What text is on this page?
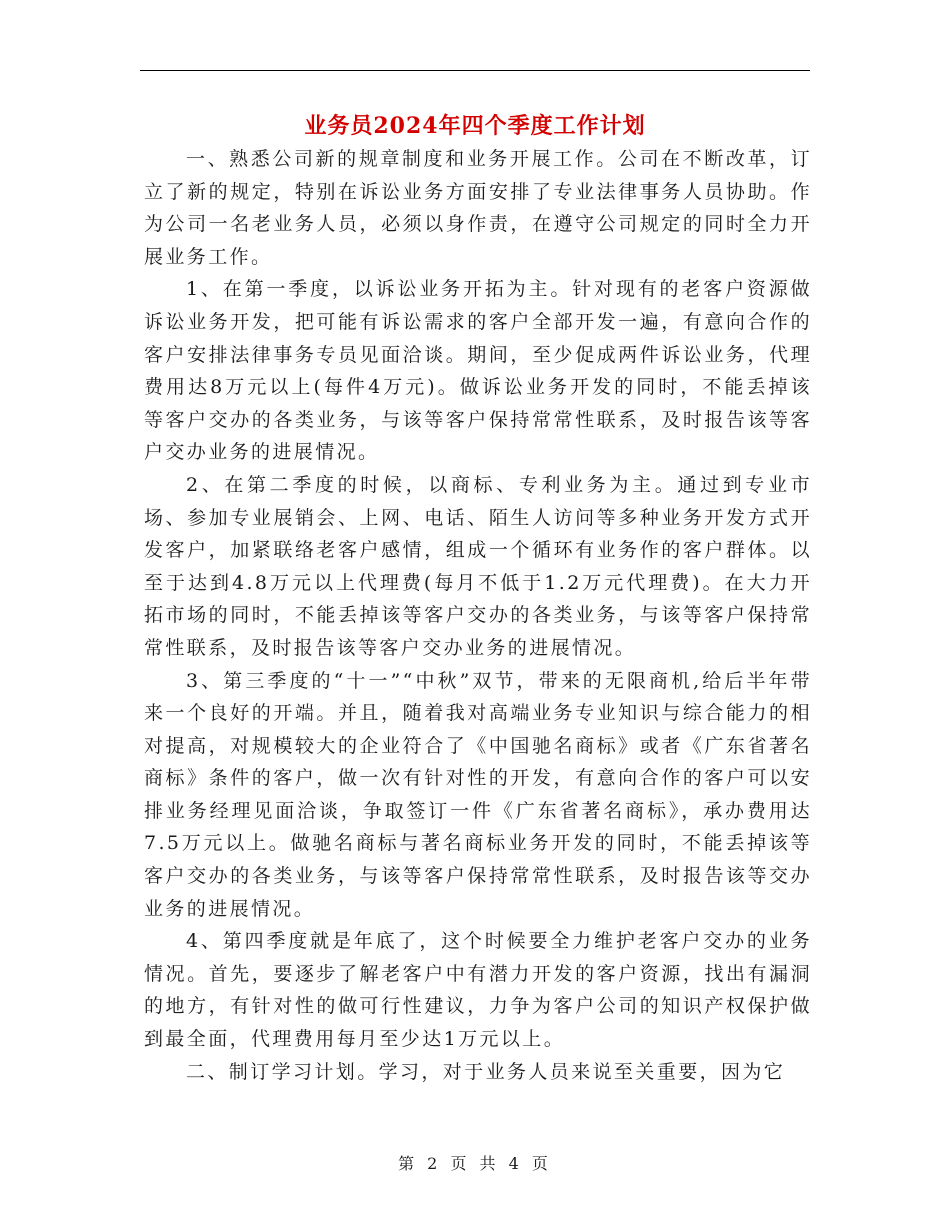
业务员2024年四个季度工作计划

一、熟悉公司新的规章制度和业务开展工作。公司在不断改革，订立了新的规定，特别在诉讼业务方面安排了专业法律事务人员协助。作为公司一名老业务人员，必须以身作责，在遵守公司规定的同时全力开展业务工作。

1、在第一季度，以诉讼业务开拓为主。针对现有的老客户资源做诉讼业务开发，把可能有诉讼需求的客户全部开发一遍，有意向合作的客户安排法律事务专员见面洽谈。期间，至少促成两件诉讼业务，代理费用达8万元以上(每件4万元)。做诉讼业务开发的同时，不能丢掉该等客户交办的各类业务，与该等客户保持常常性联系，及时报告该等客户交办业务的进展情况。

2、在第二季度的时候，以商标、专利业务为主。通过到专业市场、参加专业展销会、上网、电话、陌生人访问等多种业务开发方式开发客户，加紧联络老客户感情，组成一个循环有业务作的客户群体。以至于达到4.8万元以上代理费(每月不低于1.2万元代理费)。在大力开拓市场的同时，不能丢掉该等客户交办的各类业务，与该等客户保持常常性联系，及时报告该等客户交办业务的进展情况。

3、第三季度的“十一”“中秋”双节，带来的无限商机,给后半年带来一个良好的开端。并且，随着我对高端业务专业知识与综合能力的相对提高，对规模较大的企业符合了《中国驰名商标》或者《广东省著名商标》条件的客户，做一次有针对性的开发，有意向合作的客户可以安排业务经理见面洽谈，争取签订一件《广东省著名商标》，承办费用达7.5万元以上。做驰名商标与著名商标业务开发的同时，不能丢掉该等客户交办的各类业务，与该等客户保持常常性联系，及时报告该等交办业务的进展情况。

4、第四季度就是年底了，这个时候要全力维护老客户交办的业务情况。首先，要逐步了解老客户中有潜力开发的客户资源，找出有漏洞的地方，有针对性的做可行性建议，力争为客户公司的知识产权保护做到最全面，代理费用每月至少达1万元以上。

二、制订学习计划。学习，对于业务人员来说至关重要，因为它

第 2 页 共 4 页
